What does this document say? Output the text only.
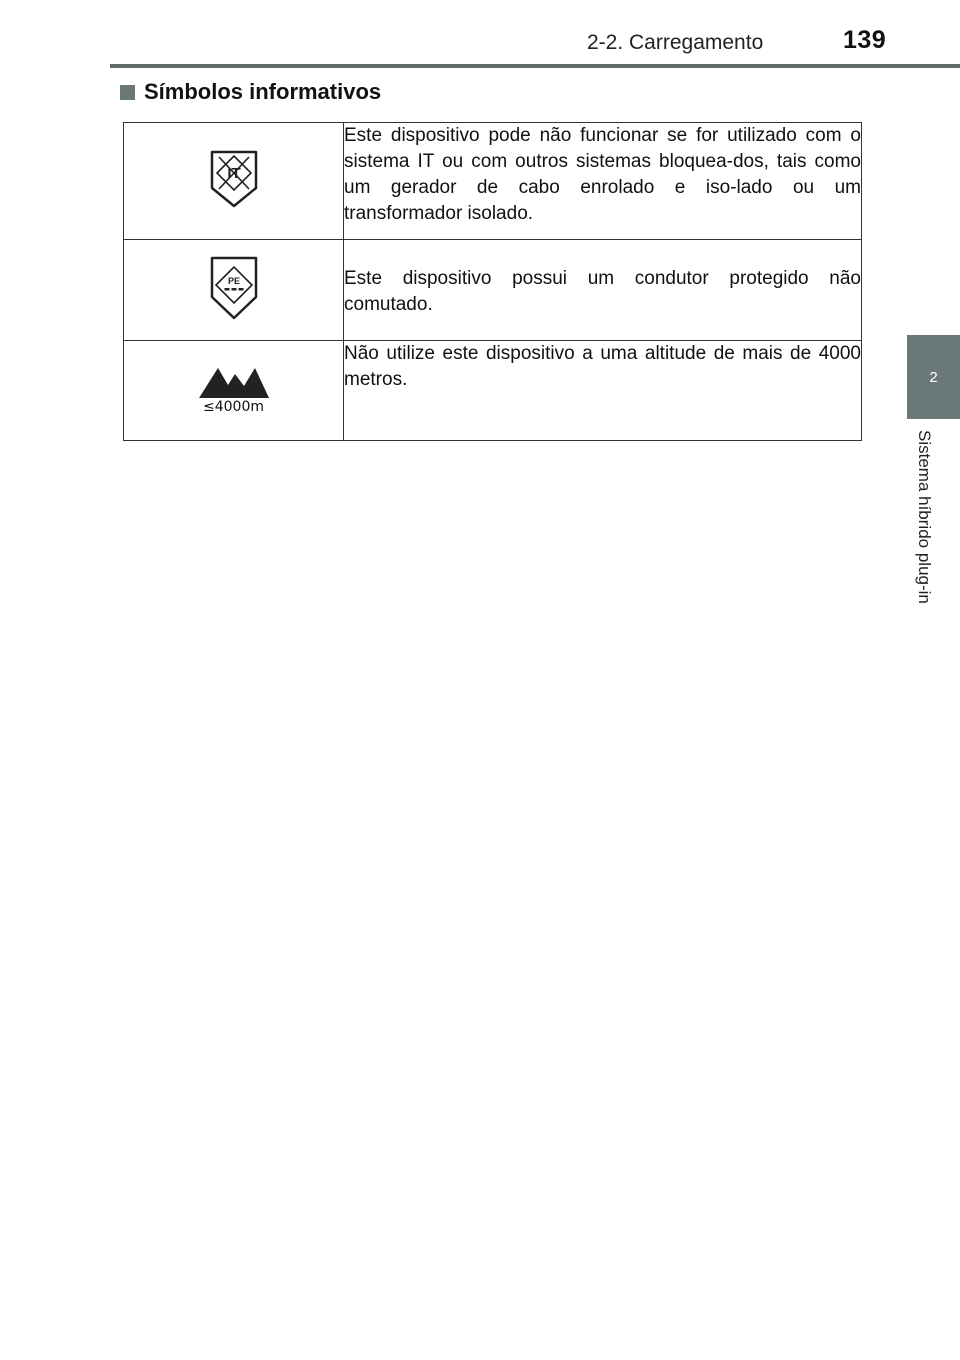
2-2. Carregamento	139
2
Sistema híbrido plug-in
Símbolos informativos
IT	Este dispositivo pode não funcionar se for utilizado com o sistema IT ou com outros sistemas bloquea-dos, tais como um gerador de cabo enrolado e iso-lado ou um transformador isolado.

PE	Este dispositivo possui um condutor protegido não comutado.

≤4000m	Não utilize este dispositivo a uma altitude de mais de 4000 metros.
